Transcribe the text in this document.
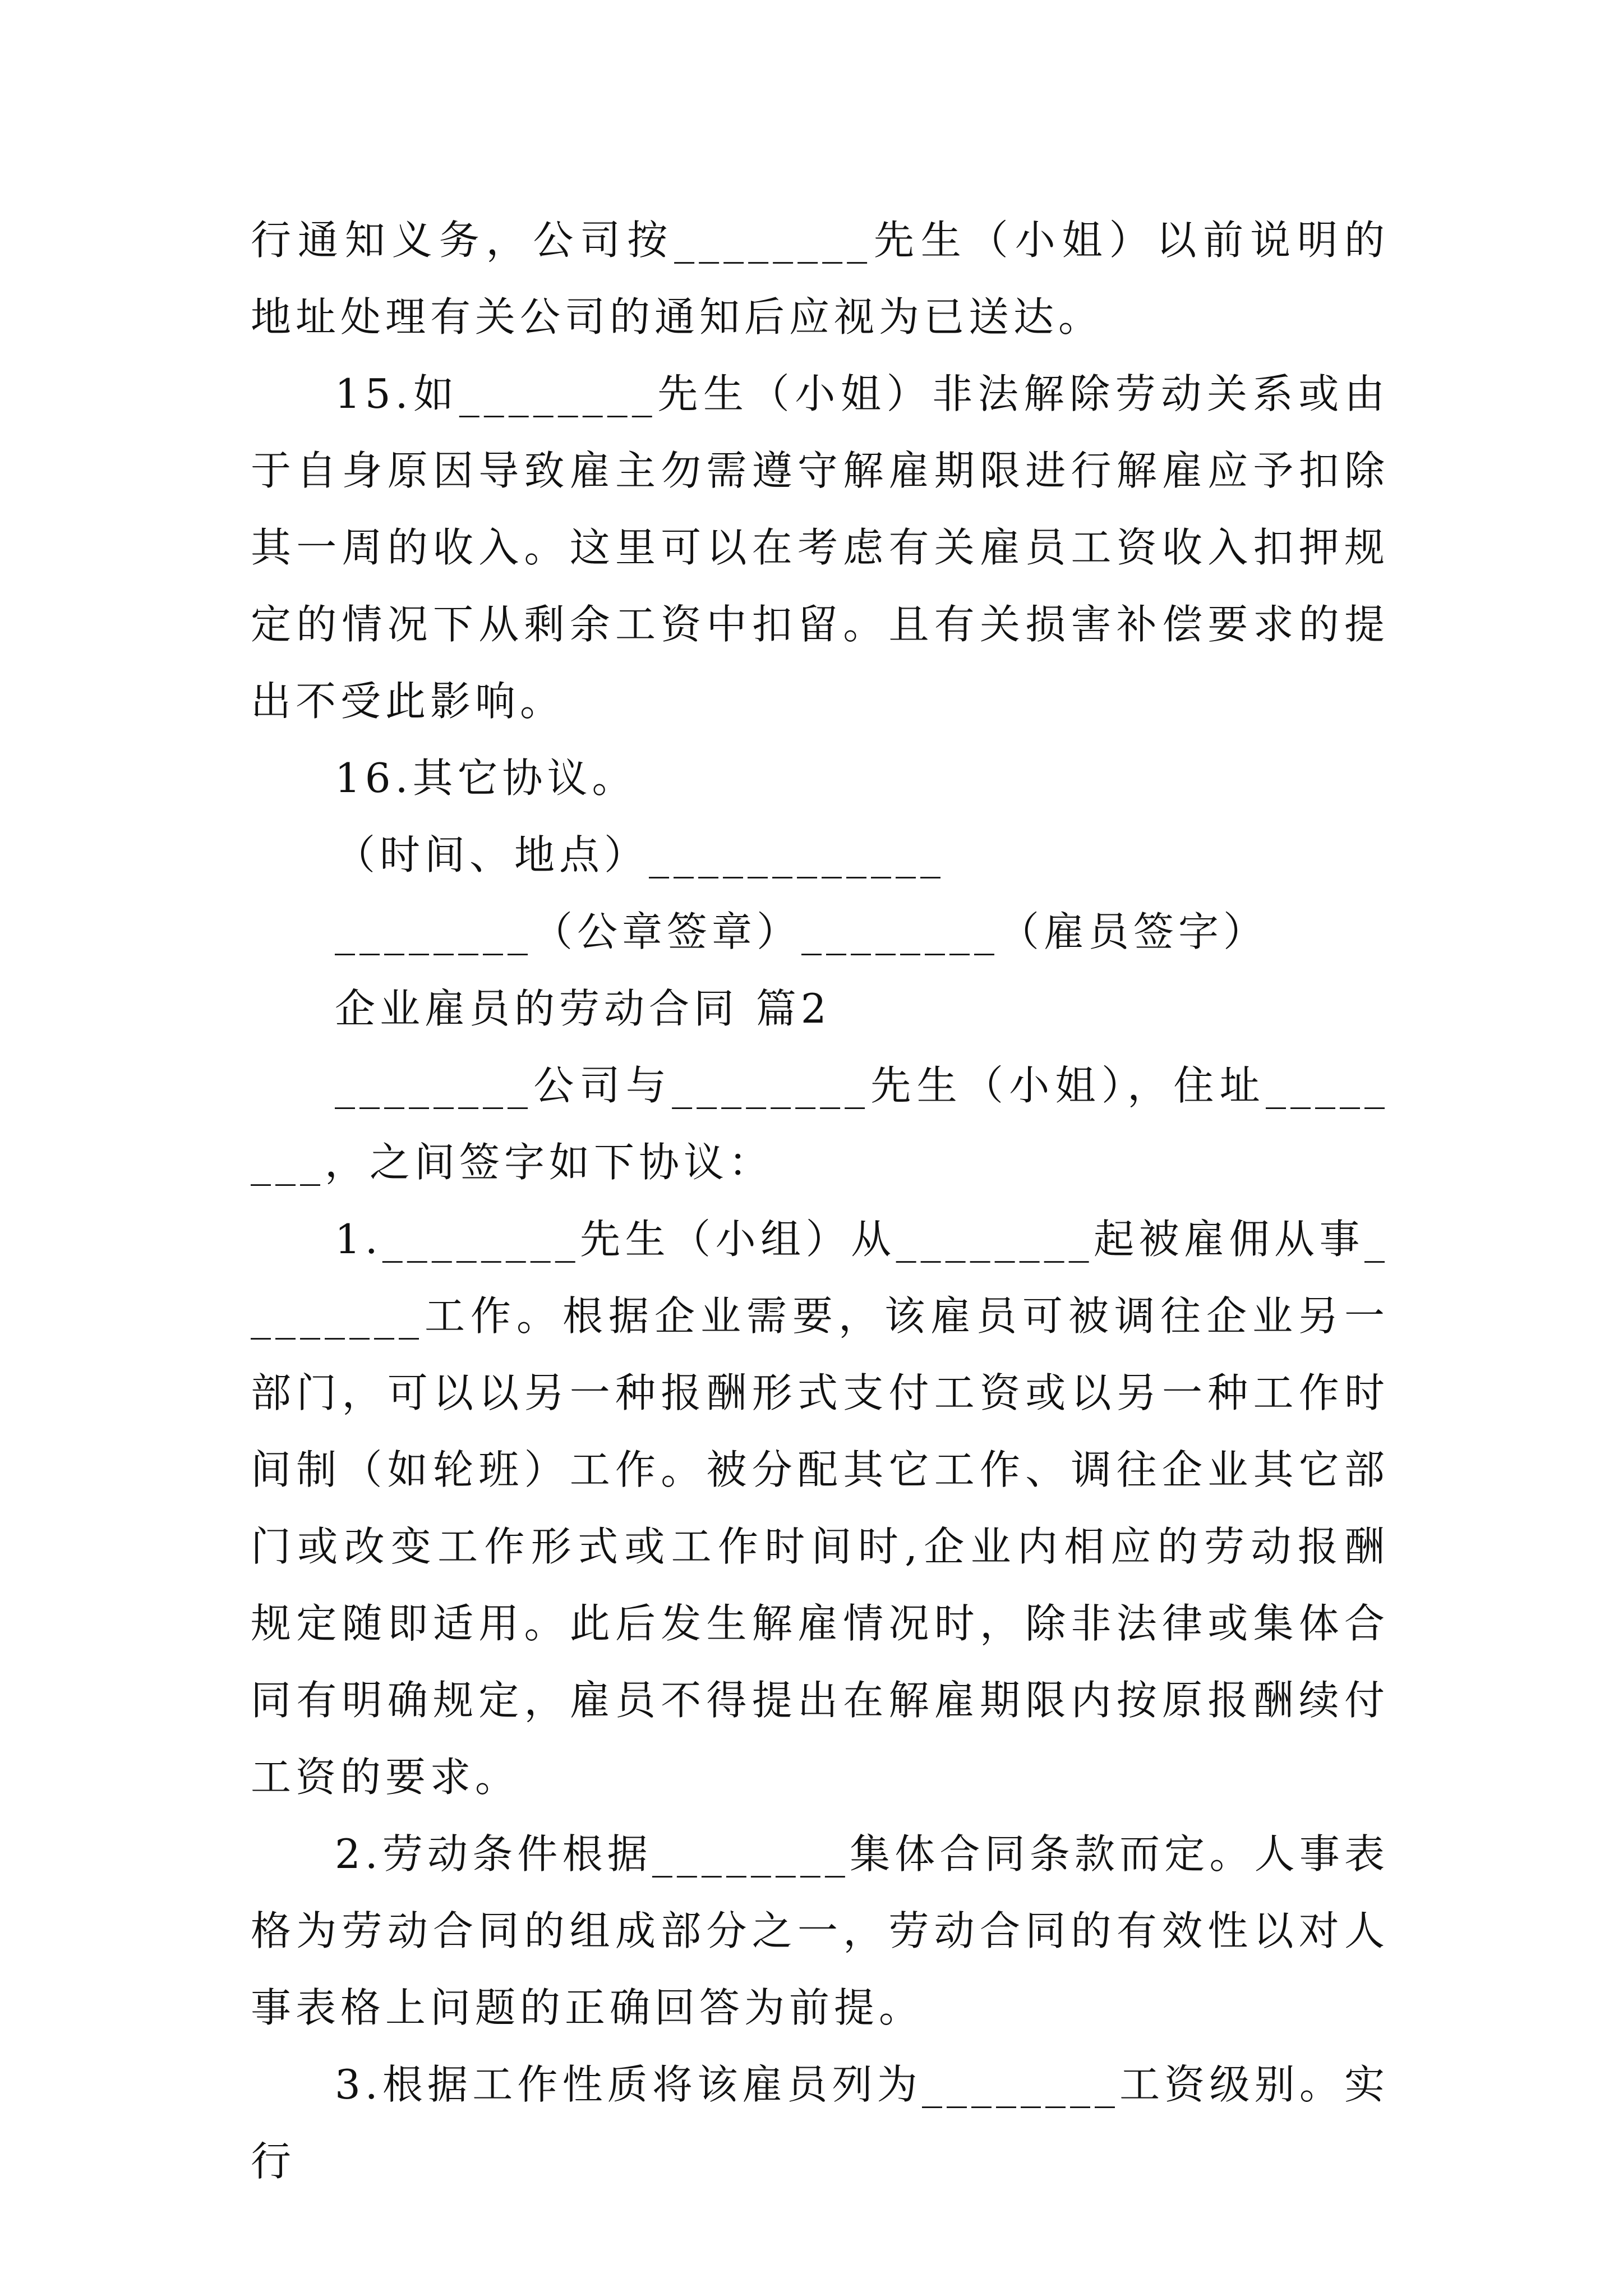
行通知义务，公司按________先生（小姐）以前说明的地址处理有关公司的通知后应视为已送达。

15.如________先生（小姐）非法解除劳动关系或由于自身原因导致雇主勿需遵守解雇期限进行解雇应予扣除其一周的收入。这里可以在考虑有关雇员工资收入扣押规定的情况下从剩余工资中扣留。且有关损害补偿要求的提出不受此影响。

16.其它协议。

（时间、地点）____________

________（公章签章）________（雇员签字）

企业雇员的劳动合同 篇2

________公司与________先生（小姐），住址________，之间签字如下协议：

1.________先生（小组）从________起被雇佣从事________工作。根据企业需要，该雇员可被调往企业另一部门，可以以另一种报酬形式支付工资或以另一种工作时间制（如轮班）工作。被分配其它工作、调往企业其它部门或改变工作形式或工作时间时,企业内相应的劳动报酬规定随即适用。此后发生解雇情况时，除非法律或集体合同有明确规定，雇员不得提出在解雇期限内按原报酬续付工资的要求。

2.劳动条件根据________集体合同条款而定。人事表格为劳动合同的组成部分之一，劳动合同的有效性以对人事表格上问题的正确回答为前提。

3.根据工作性质将该雇员列为________工资级别。实行
